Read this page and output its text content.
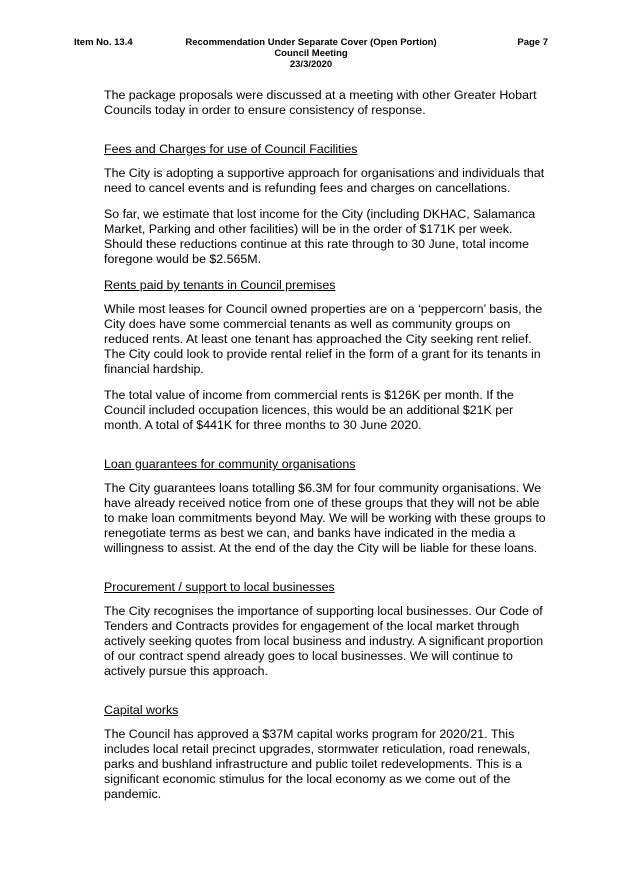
Recommendation Under Separate Cover (Open Portion)
Council Meeting
23/3/2020
Item No. 13.4	Page 7

The package proposals were discussed at a meeting with other Greater Hobart Councils today in order to ensure consistency of response.

Fees and Charges for use of Council Facilities

The City is adopting a supportive approach for organisations and individuals that need to cancel events and is refunding fees and charges on cancellations.

So far, we estimate that lost income for the City (including DKHAC, Salamanca Market, Parking and other facilities) will be in the order of $171K per week. Should these reductions continue at this rate through to 30 June, total income foregone would be $2.565M.

Rents paid by tenants in Council premises

While most leases for Council owned properties are on a ‘peppercorn’ basis, the City does have some commercial tenants as well as community groups on reduced rents. At least one tenant has approached the City seeking rent relief. The City could look to provide rental relief in the form of a grant for its tenants in financial hardship.

The total value of income from commercial rents is $126K per month. If the Council included occupation licences, this would be an additional $21K per month. A total of $441K for three months to 30 June 2020.

Loan guarantees for community organisations

The City guarantees loans totalling $6.3M for four community organisations. We have already received notice from one of these groups that they will not be able to make loan commitments beyond May. We will be working with these groups to renegotiate terms as best we can, and banks have indicated in the media a willingness to assist. At the end of the day the City will be liable for these loans.

Procurement / support to local businesses

The City recognises the importance of supporting local businesses. Our Code of Tenders and Contracts provides for engagement of the local market through actively seeking quotes from local business and industry. A significant proportion of our contract spend already goes to local businesses. We will continue to actively pursue this approach.

Capital works

The Council has approved a $37M capital works program for 2020/21. This includes local retail precinct upgrades, stormwater reticulation, road renewals, parks and bushland infrastructure and public toilet redevelopments. This is a significant economic stimulus for the local economy as we come out of the pandemic.
